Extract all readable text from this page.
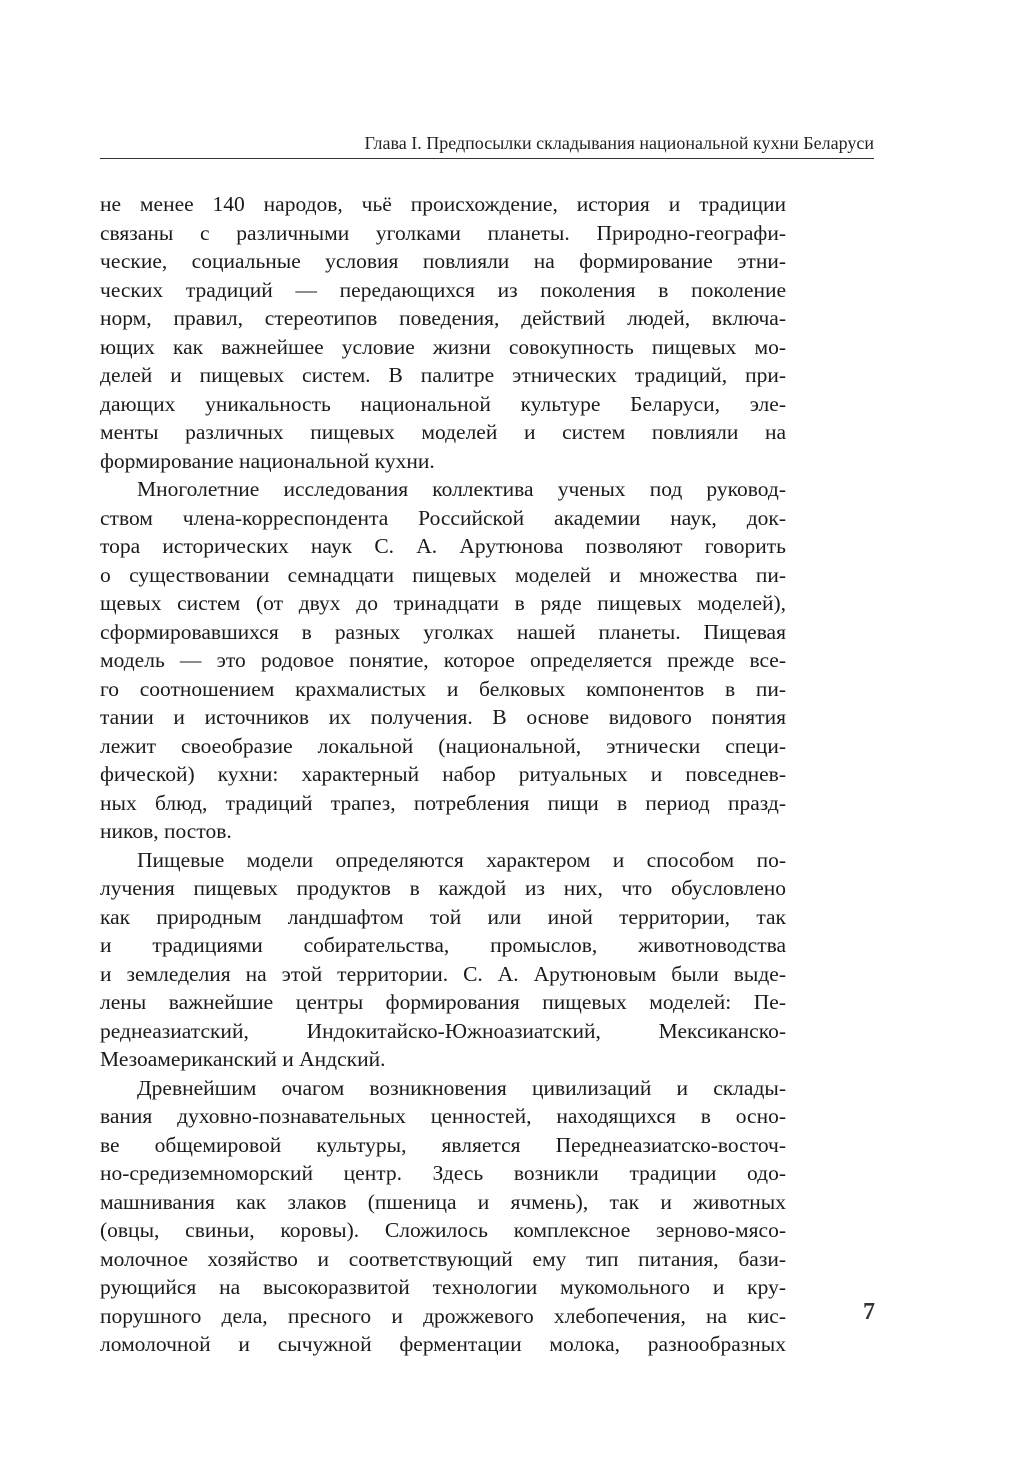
Глава I. Предпосылки складывания национальной кухни Беларуси
не менее 140 народов, чьё происхождение, история и традиции
связаны с различными уголками планеты. Природно-географи-
ческие, социальные условия повлияли на формирование этни-
ческих традиций — передающихся из поколения в поколение
норм, правил, стереотипов поведения, действий людей, включа-
ющих как важнейшее условие жизни совокупность пищевых мо-
делей и пищевых систем. В палитре этнических традиций, при-
дающих уникальность национальной культуре Беларуси, эле-
менты различных пищевых моделей и систем повлияли на
формирование национальной кухни.
Многолетние исследования коллектива ученых под руковод-
ством члена-корреспондента Российской академии наук, док-
тора исторических наук С. А. Арутюнова позволяют говорить
о существовании семнадцати пищевых моделей и множества пи-
щевых систем (от двух до тринадцати в ряде пищевых моделей),
сформировавшихся в разных уголках нашей планеты. Пищевая
модель — это родовое понятие, которое определяется прежде все-
го соотношением крахмалистых и белковых компонентов в пи-
тании и источников их получения. В основе видового понятия
лежит своеобразие локальной (национальной, этнически специ-
фической) кухни: характерный набор ритуальных и повседнев-
ных блюд, традиций трапез, потребления пищи в период празд-
ников, постов.
Пищевые модели определяются характером и способом по-
лучения пищевых продуктов в каждой из них, что обусловлено
как природным ландшафтом той или иной территории, так
и традициями собирательства, промыслов, животноводства
и земледелия на этой территории. С. А. Арутюновым были выде-
лены важнейшие центры формирования пищевых моделей: Пе-
реднеазиатский, Индокитайско-Южноазиатский, Мексиканско-
Мезоамериканский и Андский.
Древнейшим очагом возникновения цивилизаций и склады-
вания духовно-познавательных ценностей, находящихся в осно-
ве общемировой культуры, является Переднеазиатско-восточ-
но-средиземноморский центр. Здесь возникли традиции одо-
машнивания как злаков (пшеница и ячмень), так и животных
(овцы, свиньи, коровы). Сложилось комплексное зерново-мясо-
молочное хозяйство и соответствующий ему тип питания, бази-
рующийся на высокоразвитой технологии мукомольного и кру-
порушного дела, пресного и дрожжевого хлебопечения, на кис-
ломолочной и сычужной ферментации молока, разнообразных
7
